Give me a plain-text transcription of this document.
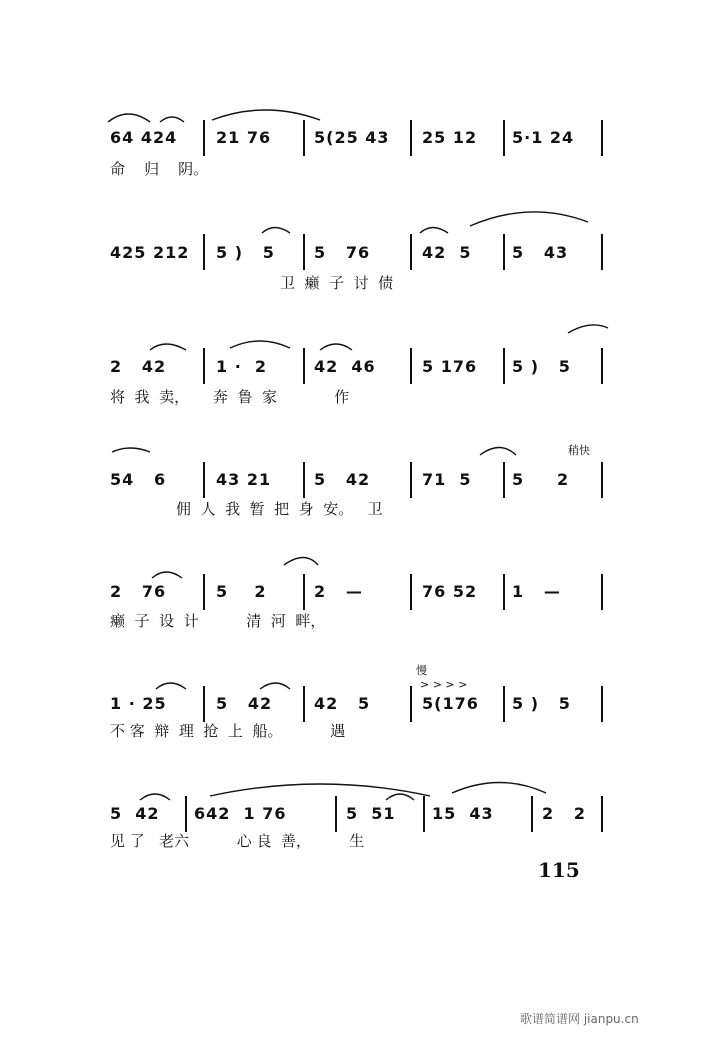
64 424 21 76	5(25 43 25 12 5·1 24
命    归    阴。
425 212 5 )   5 5   76	42  5	5   43
卫  癞  子  讨  债
2   42	1 ·  2	42  46	5 176 5 )   5
将  我  卖，     奔  鲁  家            作
稍快
54   6	43 21	5   42	71  5	5     2
佣  人  我  暂  把  身  安。   卫
2   76	5    2	2   —	76 52 1   —
癞  子  设  计          清  河  畔，
慢
> > > >
1 · 25	5   42	42   5	5(176 5 )   5
不 客  辩  理  抢  上  船。          遇
5  42 642  1 76	5  51 15  43	2   2
见 了   老六          心 良  善，        生
115
歌谱简谱网 jianpu.cn
